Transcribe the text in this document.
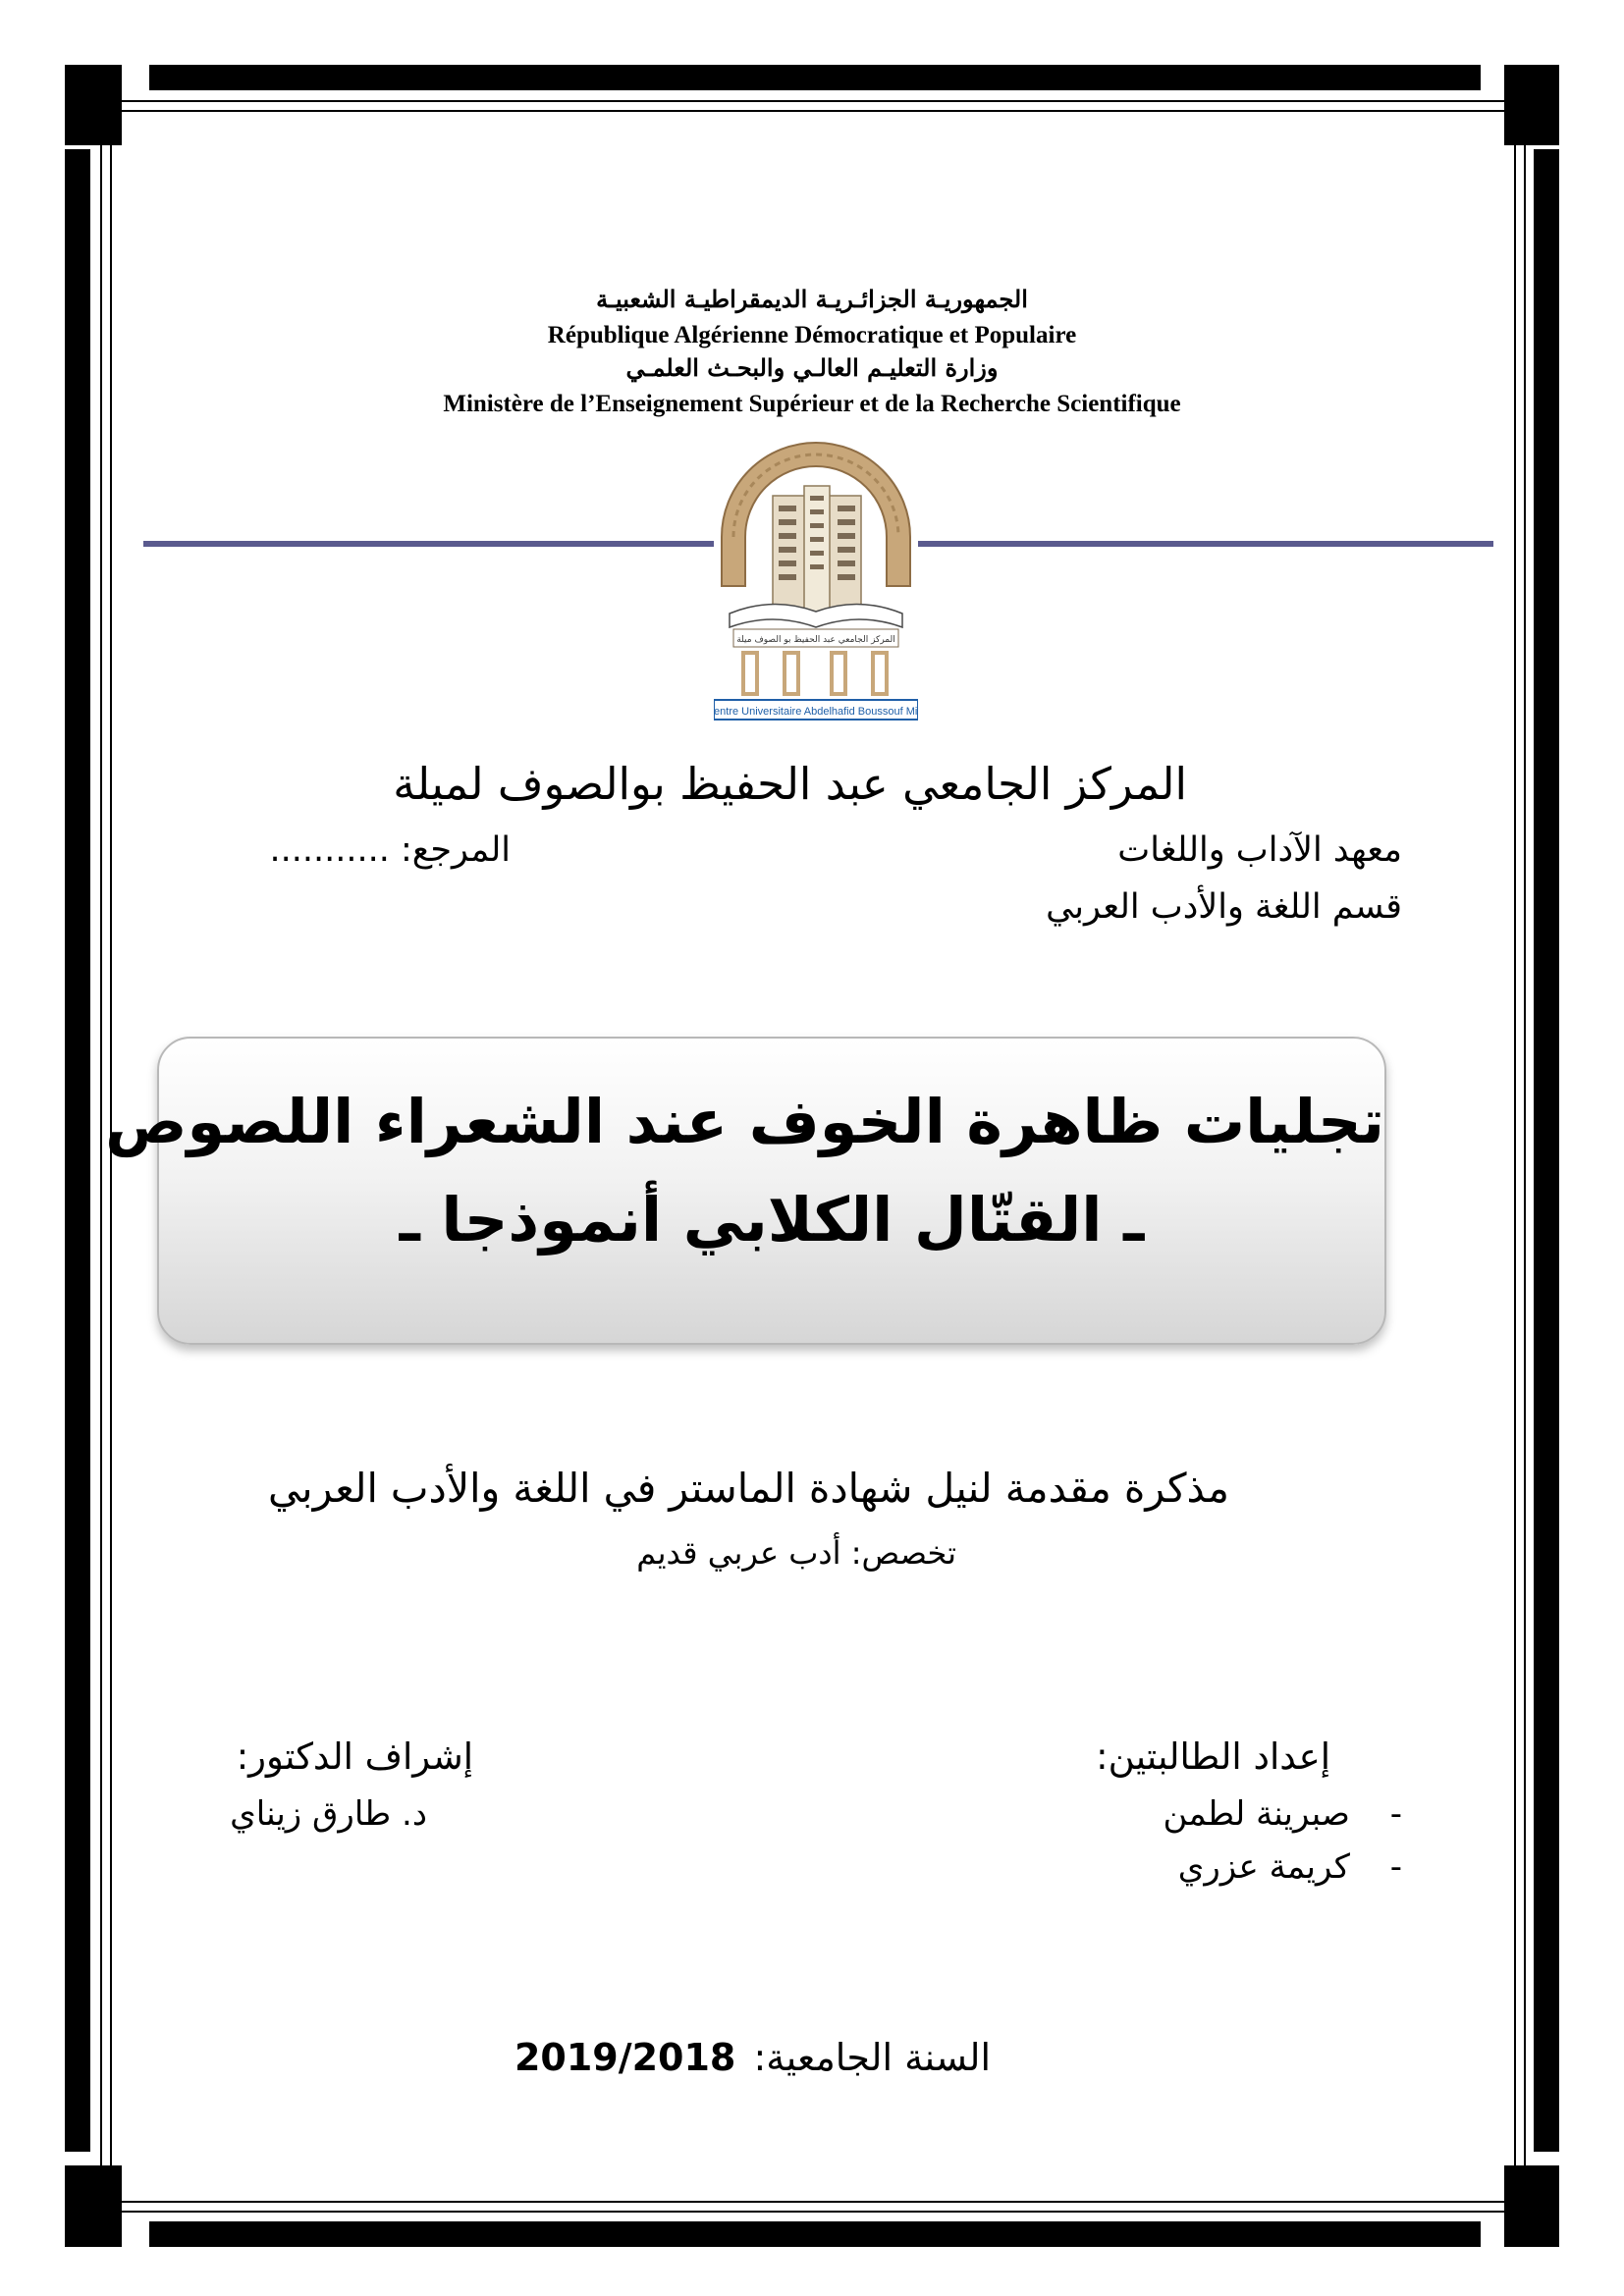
الجمهوريـة الجزائـريـة الديمقراطيـة الشعبيـة
République Algérienne Démocratique et Populaire
وزارة التعليـم العالـي والبحـث العلمـي
Ministère de l’Enseignement Supérieur et de la Recherche Scientifique
المركز الجامعي عبد الحفيظ بو الصوف ميلة
Centre Universitaire Abdelhafid Boussouf Mila
المركز الجامعي عبد الحفيظ بوالصوف لميلة
معهد الآداب واللغات
المرجع: ...........
قسم اللغة والأدب العربي
تجليات ظاهرة الخوف عند الشعراء اللصوص
ـ القتّال الكلابي أنموذجا ـ
مذكرة مقدمة لنيل شهادة الماستر في اللغة والأدب العربي
تخصص: أدب عربي قديم
إعداد الطالبتين:
- صبرينة لطمن
- كريمة عزري
إشراف الدكتور:
د. طارق زيناي
السنة الجامعية: 2019/2018
